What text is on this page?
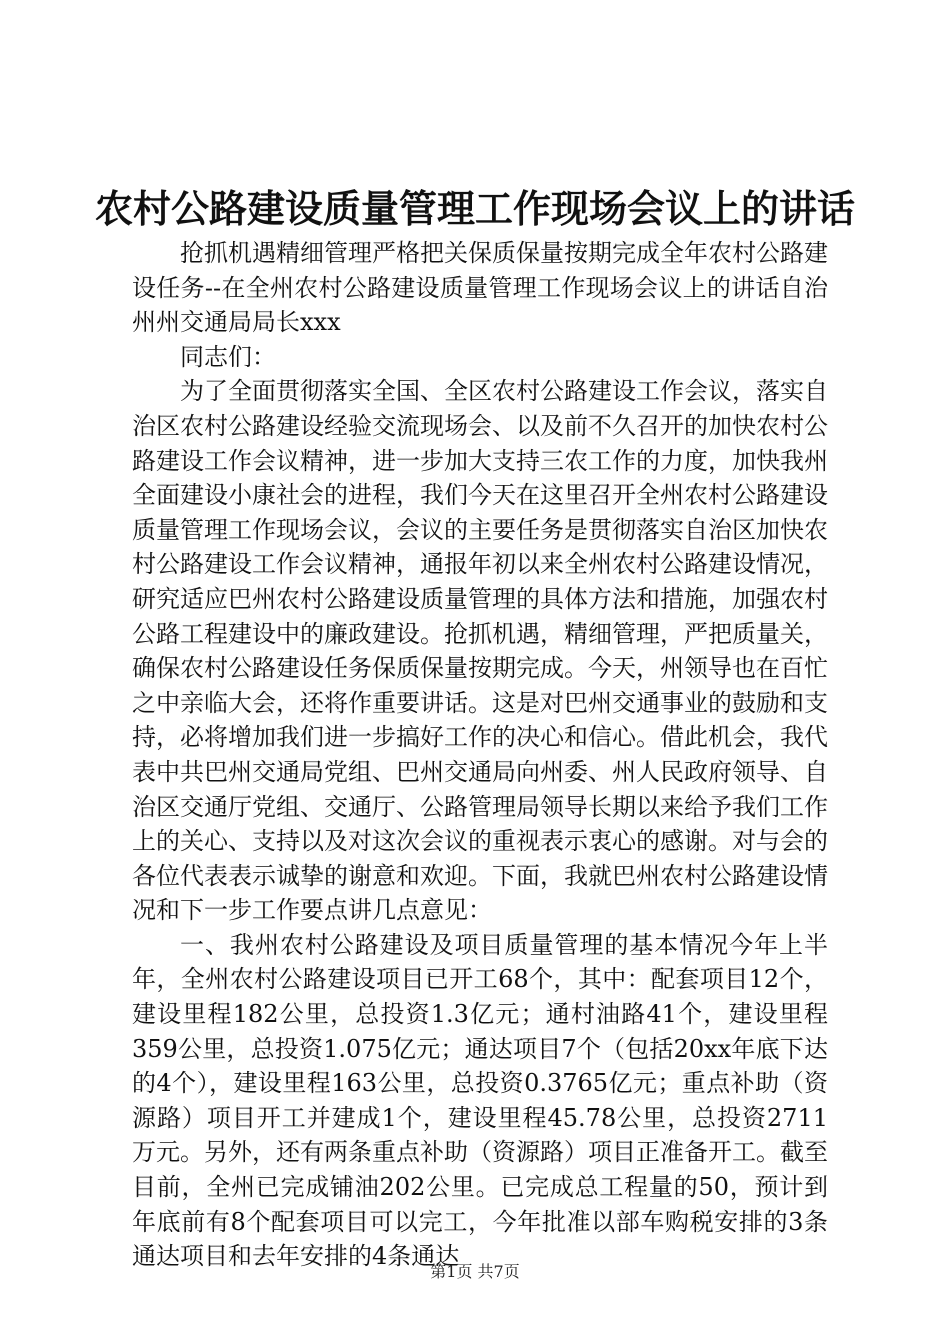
农村公路建设质量管理工作现场会议上的讲话

抢抓机遇精细管理严格把关保质保量按期完成全年农村公路建设任务--在全州农村公路建设质量管理工作现场会议上的讲话自治州州交通局局长xxx

同志们：

为了全面贯彻落实全国、全区农村公路建设工作会议，落实自治区农村公路建设经验交流现场会、以及前不久召开的加快农村公路建设工作会议精神，进一步加大支持三农工作的力度，加快我州全面建设小康社会的进程，我们今天在这里召开全州农村公路建设质量管理工作现场会议，会议的主要任务是贯彻落实自治区加快农村公路建设工作会议精神，通报年初以来全州农村公路建设情况，研究适应巴州农村公路建设质量管理的具体方法和措施，加强农村公路工程建设中的廉政建设。抢抓机遇，精细管理，严把质量关，确保农村公路建设任务保质保量按期完成。今天，州领导也在百忙之中亲临大会，还将作重要讲话。这是对巴州交通事业的鼓励和支持，必将增加我们进一步搞好工作的决心和信心。借此机会，我代表中共巴州交通局党组、巴州交通局向州委、州人民政府领导、自治区交通厅党组、交通厅、公路管理局领导长期以来给予我们工作上的关心、支持以及对这次会议的重视表示衷心的感谢。对与会的各位代表表示诚挚的谢意和欢迎。下面，我就巴州农村公路建设情况和下一步工作要点讲几点意见：

一、我州农村公路建设及项目质量管理的基本情况今年上半年，全州农村公路建设项目已开工68个，其中：配套项目12个，建设里程182公里，总投资1.3亿元；通村油路41个，建设里程359公里，总投资1.075亿元；通达项目7个（包括20xx年底下达的4个），建设里程163公里，总投资0.3765亿元；重点补助（资源路）项目开工并建成1个，建设里程45.78公里，总投资2711万元。另外，还有两条重点补助（资源路）项目正准备开工。截至目前，全州已完成铺油202公里。已完成总工程量的50，预计到年底前有8个配套项目可以完工，今年批准以部车购税安排的3条通达项目和去年安排的4条通达

第1页 共7页
